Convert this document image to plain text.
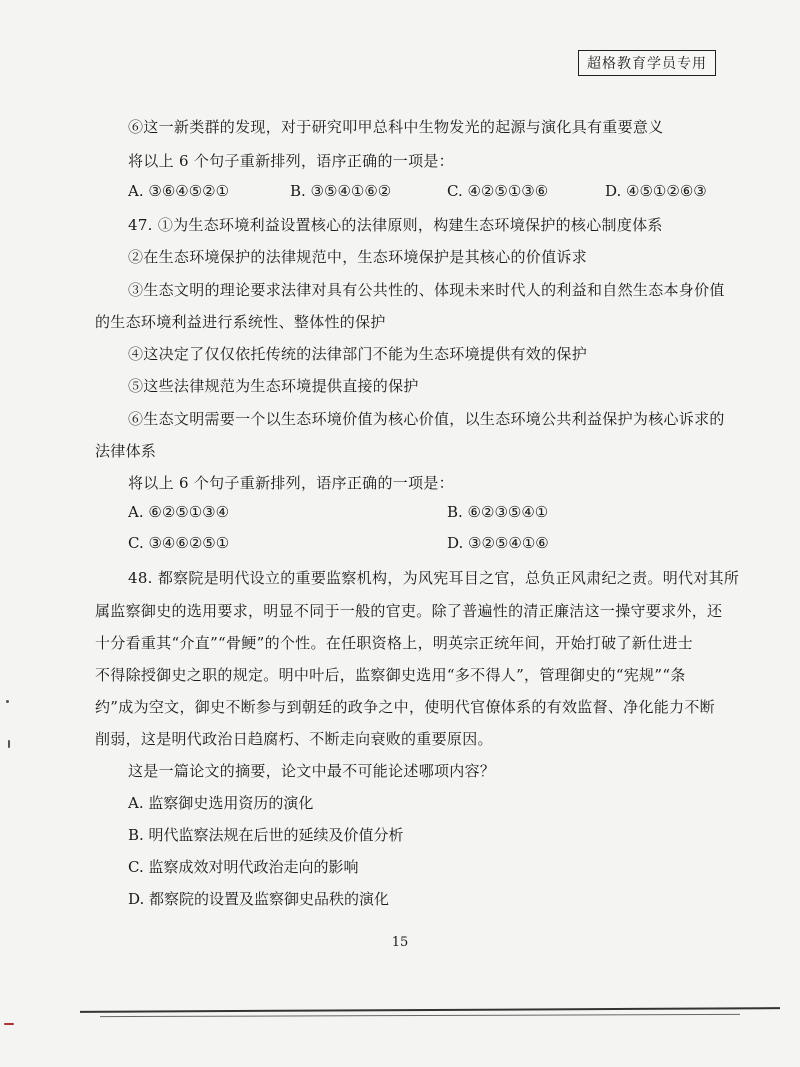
超格教育学员专用
⑥这一新类群的发现，对于研究叩甲总科中生物发光的起源与演化具有重要意义
将以上 6 个句子重新排列，语序正确的一项是：
A. ③⑥④⑤②①	B. ③⑤④①⑥②	C. ④②⑤①③⑥	D. ④⑤①②⑥③
47. ①为生态环境利益设置核心的法律原则，构建生态环境保护的核心制度体系
②在生态环境保护的法律规范中，生态环境保护是其核心的价值诉求
③生态文明的理论要求法律对具有公共性的、体现未来时代人的利益和自然生态本身价值
的生态环境利益进行系统性、整体性的保护
④这决定了仅仅依托传统的法律部门不能为生态环境提供有效的保护
⑤这些法律规范为生态环境提供直接的保护
⑥生态文明需要一个以生态环境价值为核心价值，以生态环境公共利益保护为核心诉求的
法律体系
将以上 6 个句子重新排列，语序正确的一项是：
A. ⑥②⑤①③④	B. ⑥②③⑤④①
C. ③④⑥②⑤①	D. ③②⑤④①⑥
48. 都察院是明代设立的重要监察机构，为风宪耳目之官，总负正风肃纪之责。明代对其所
属监察御史的选用要求，明显不同于一般的官吏。除了普遍性的清正廉洁这一操守要求外，还
十分看重其“介直”“骨鲠”的个性。在任职资格上，明英宗正统年间，开始打破了新仕进士
不得除授御史之职的规定。明中叶后，监察御史选用“多不得人”，管理御史的“宪规”“条
约”成为空文，御史不断参与到朝廷的政争之中，使明代官僚体系的有效监督、净化能力不断
削弱，这是明代政治日趋腐朽、不断走向衰败的重要原因。
这是一篇论文的摘要，论文中最不可能论述哪项内容？
A. 监察御史选用资历的演化
B. 明代监察法规在后世的延续及价值分析
C. 监察成效对明代政治走向的影响
D. 都察院的设置及监察御史品秩的演化
15
